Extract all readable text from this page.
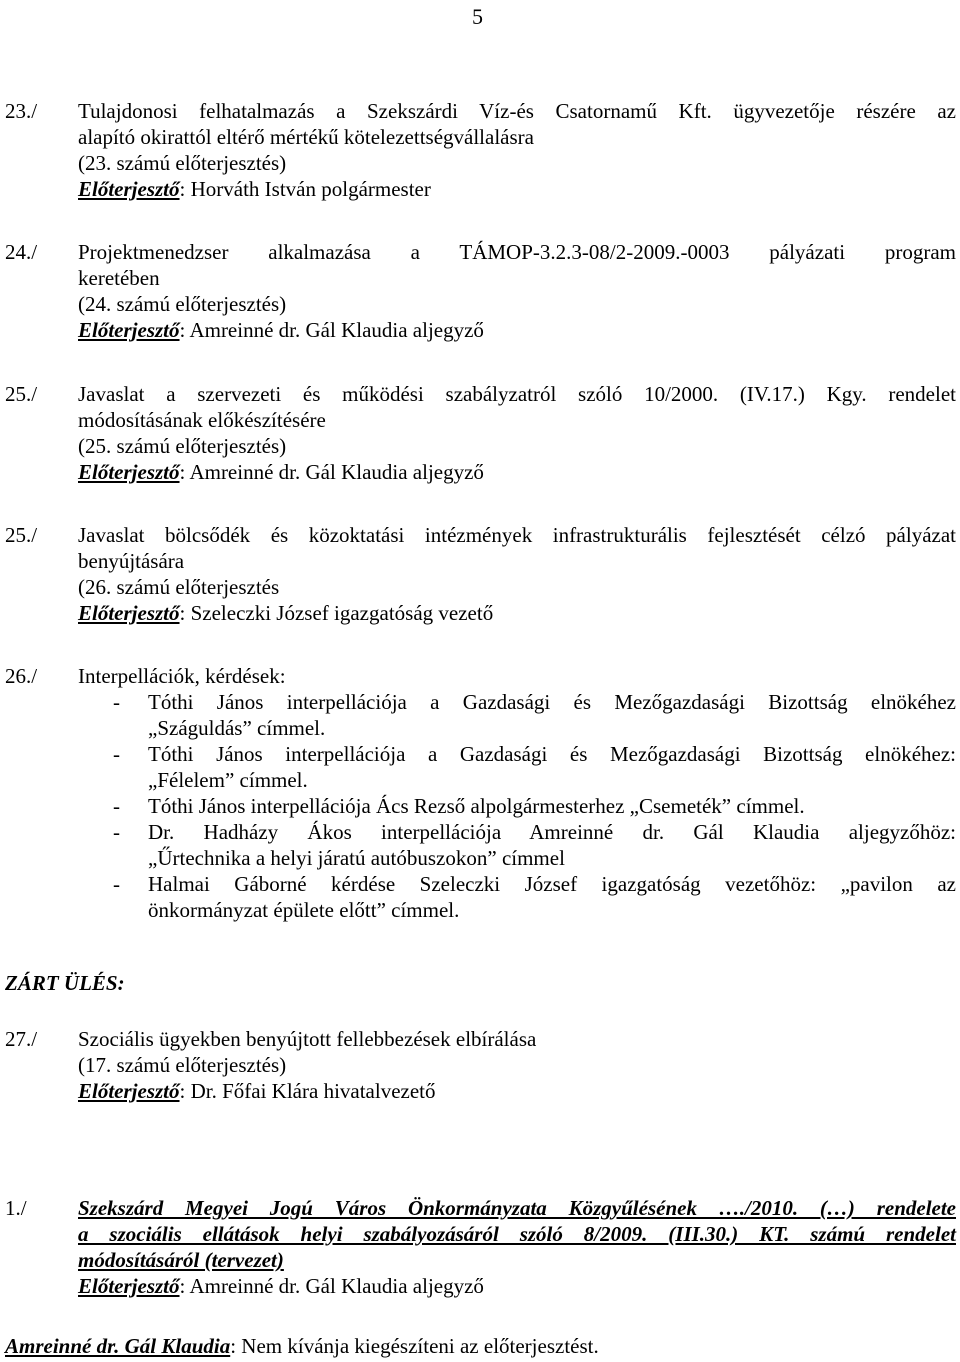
5
23./ Tulajdonosi felhatalmazás a Szekszárdi Víz-és Csatornamű Kft. ügyvezetője részére az
alapító okirattól eltérő mértékű kötelezettségvállalásra
(23. számú előterjesztés)
Előterjesztő: Horváth István polgármester
24./ Projektmenedzser alkalmazása a TÁMOP-3.2.3-08/2-2009.-0003 pályázati program
keretében
(24. számú előterjesztés)
Előterjesztő: Amreinné dr. Gál Klaudia aljegyző
25./ Javaslat a szervezeti és működési szabályzatról szóló 10/2000. (IV.17.) Kgy. rendelet
módosításának előkészítésére
(25. számú előterjesztés)
Előterjesztő: Amreinné dr. Gál Klaudia aljegyző
25./ Javaslat bölcsődék és közoktatási intézmények infrastrukturális fejlesztését célzó pályázat
benyújtására
(26. számú előterjesztés
Előterjesztő: Szeleczki József igazgatóság vezető
26./ Interpellációk, kérdések:
- Tóthi János interpellációja a Gazdasági és Mezőgazdasági Bizottság elnökéhez
„Száguldás” címmel.
- Tóthi János interpellációja a Gazdasági és Mezőgazdasági Bizottság elnökéhez:
„Félelem” címmel.
- Tóthi János interpellációja Ács Rezső alpolgármesterhez „Csemeték” címmel.
- Dr. Hadházy Ákos interpellációja Amreinné dr. Gál Klaudia aljegyzőhöz:
„Űrtechnika a helyi járatú autóbuszokon” címmel
- Halmai Gáborné kérdése Szeleczki József igazgatóság vezetőhöz: „pavilon az
önkormányzat épülete előtt” címmel.
ZÁRT ÜLÉS:
27./ Szociális ügyekben benyújtott fellebbezések elbírálása
(17. számú előterjesztés)
Előterjesztő: Dr. Főfai Klára hivatalvezető
1./ Szekszárd Megyei Jogú Város Önkormányzata Közgyűlésének …./2010. (…) rendelete
a szociális ellátások helyi szabályozásáról szóló 8/2009. (III.30.) KT. számú rendelet
módosításáról (tervezet)
Előterjesztő: Amreinné dr. Gál Klaudia aljegyző
Amreinné dr. Gál Klaudia: Nem kívánja kiegészíteni az előterjesztést.
